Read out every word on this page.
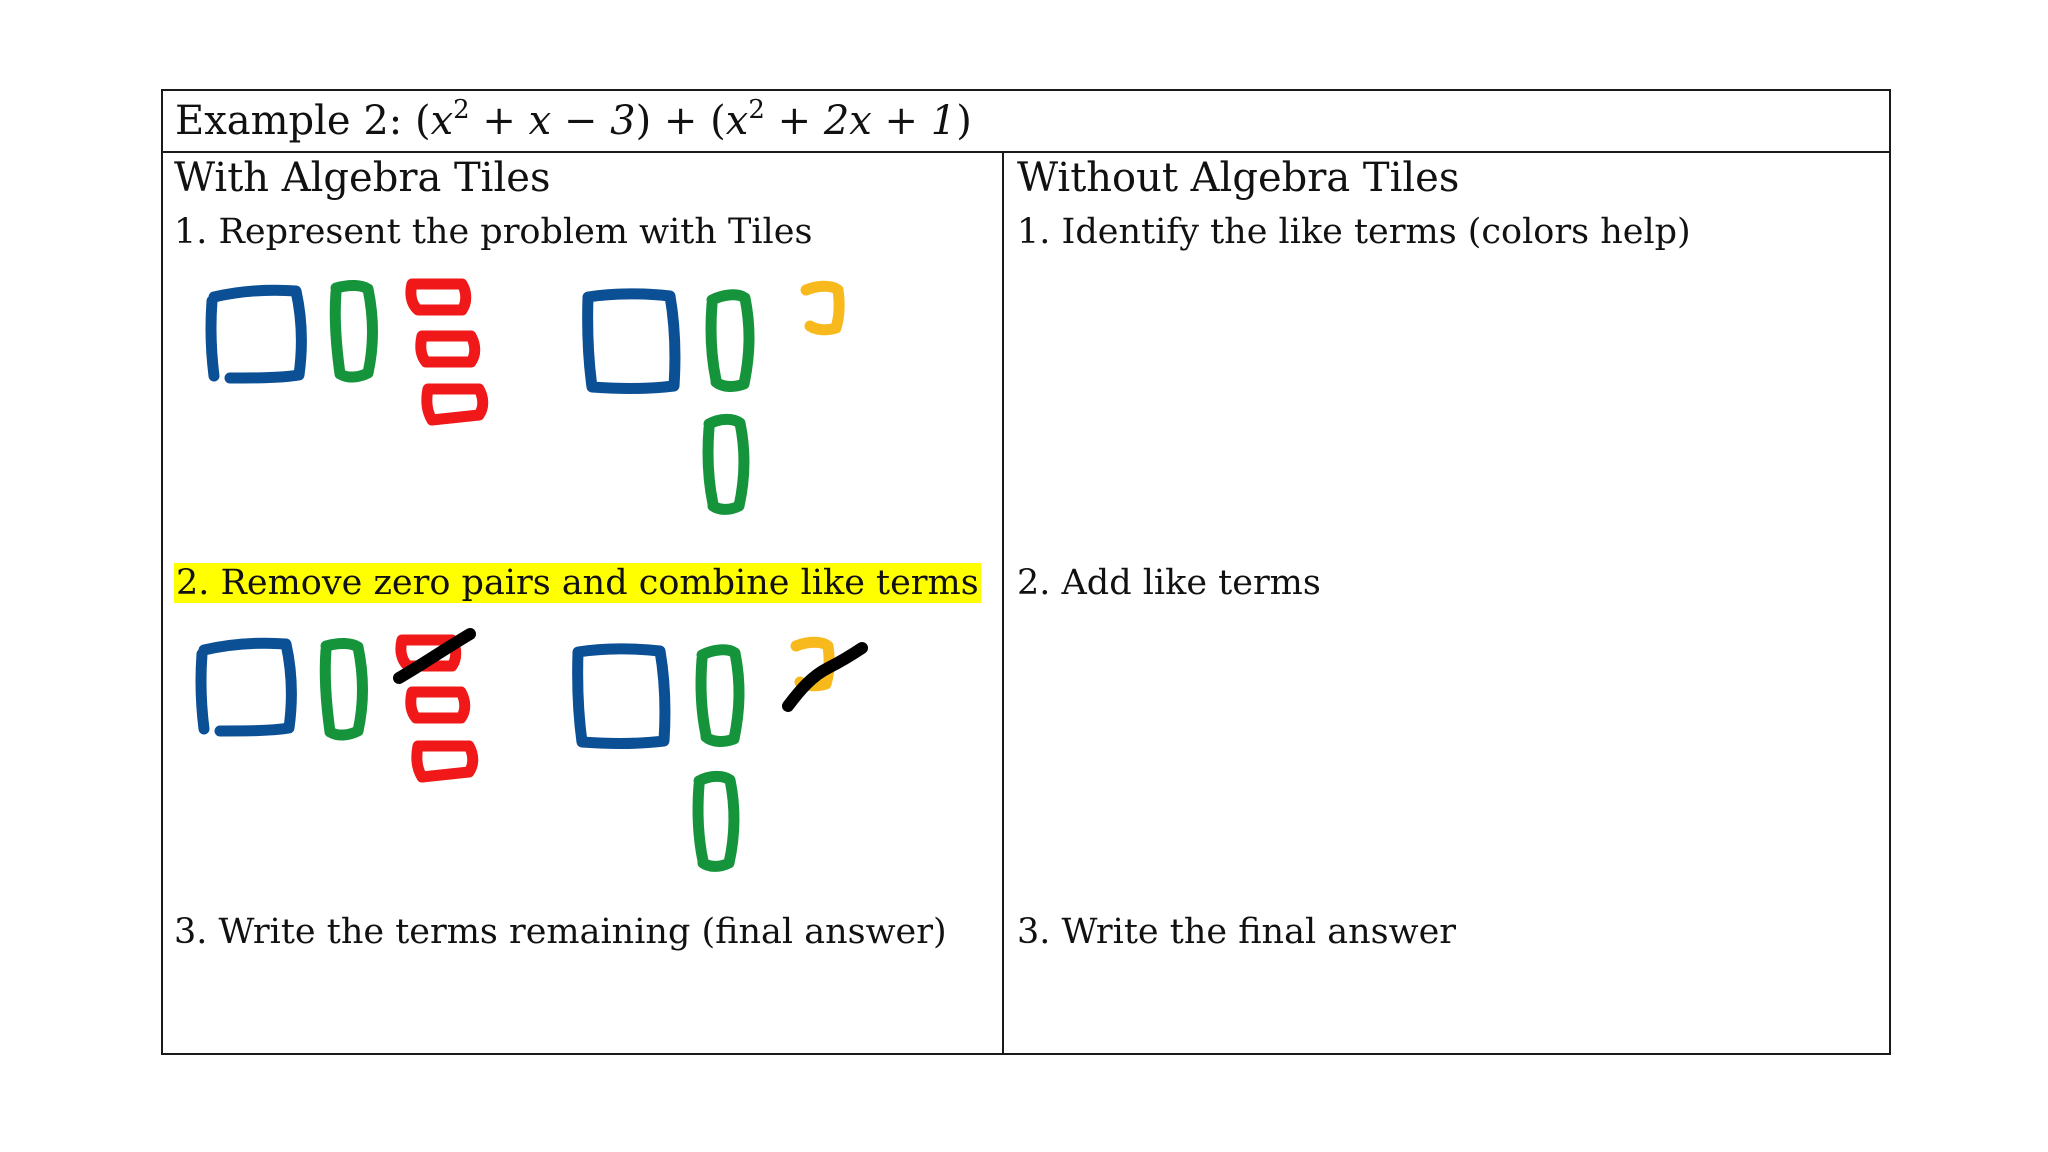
Example 2: $(x^2 + x - 3) + (x^2 + 2x + 1)$
With Algebra Tiles
1. Represent the problem with Tiles
2. Remove zero pairs and combine like terms
3. Write the terms remaining (final answer)
Without Algebra Tiles
1. Identify the like terms (colors help)
2. Add like terms
3. Write the final answer
